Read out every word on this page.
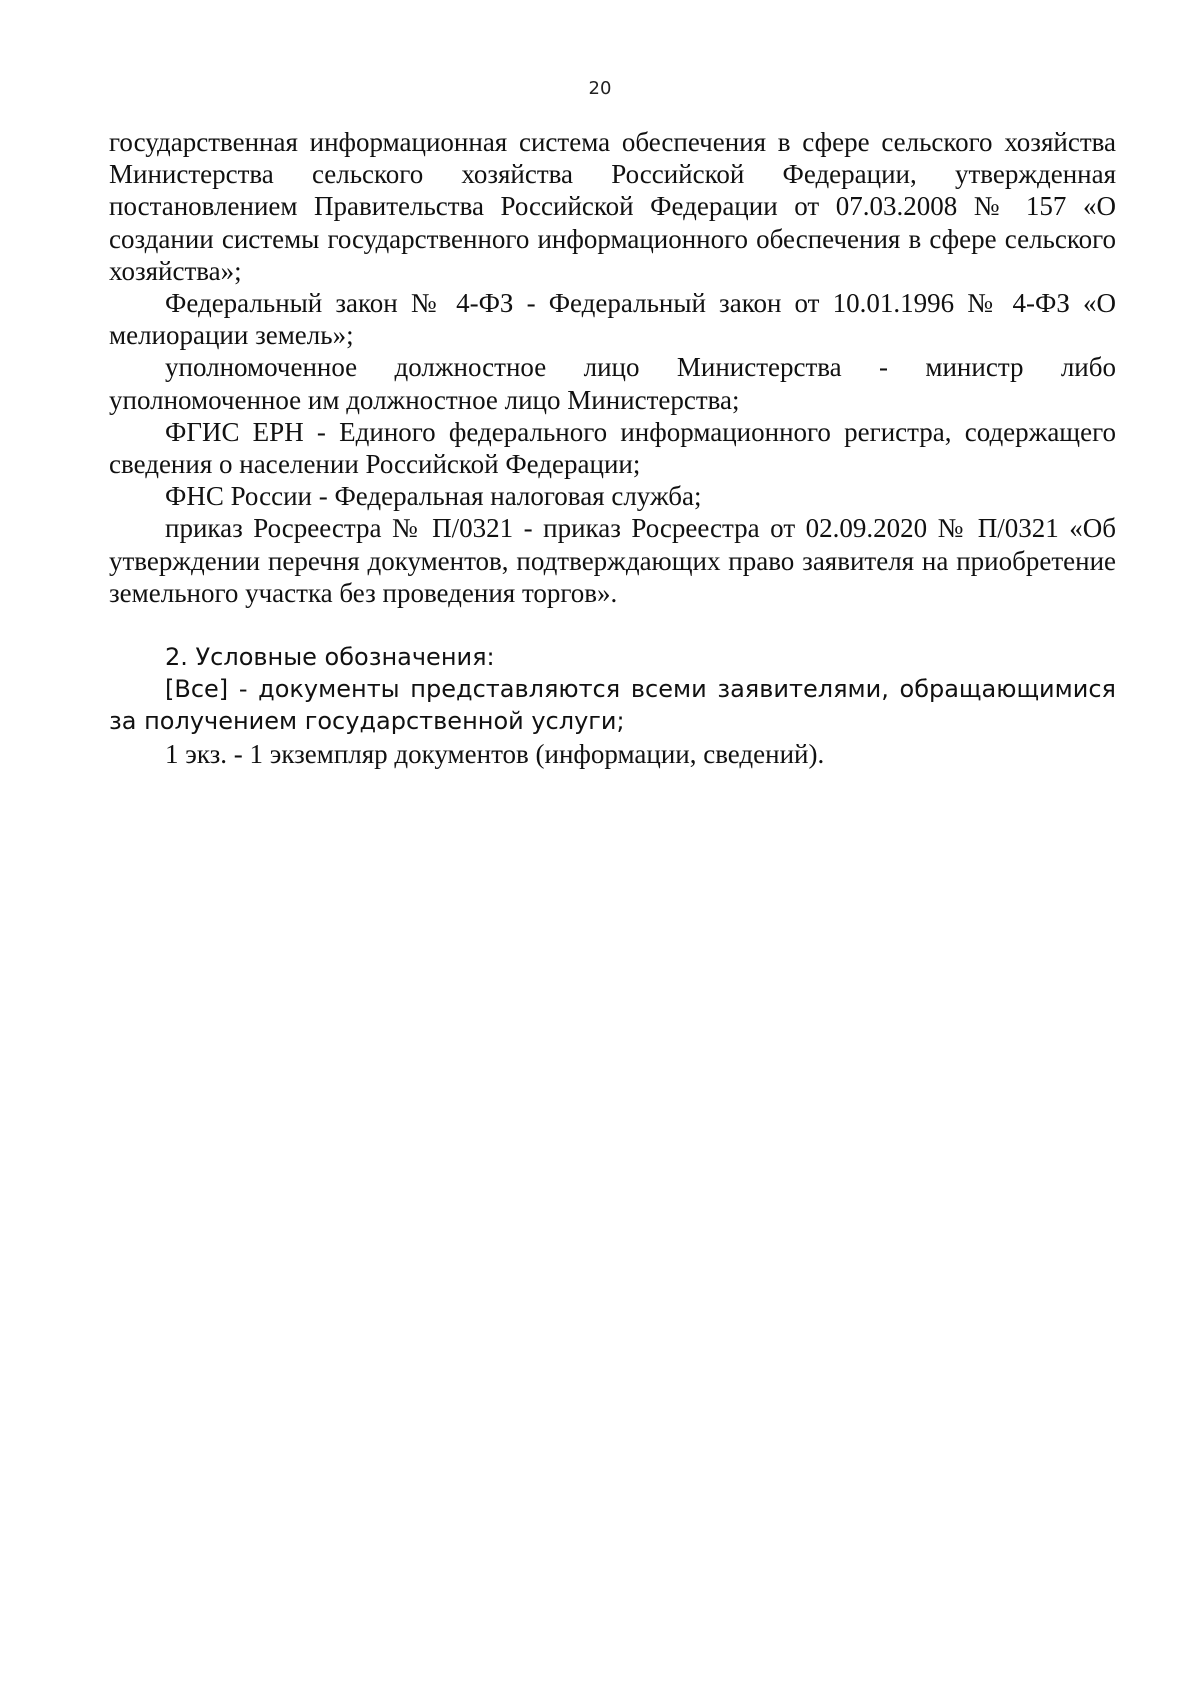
20

государственная информационная система обеспечения в сфере сельского хозяйства Министерства сельского хозяйства Российской Федерации, утвержденная постановлением Правительства Российской Федерации от 07.03.2008 № 157 «О создании системы государственного информационного обеспечения в сфере сельского хозяйства»;

Федеральный закон № 4-ФЗ - Федеральный закон от 10.01.1996 № 4-ФЗ «О мелиорации земель»;

уполномоченное должностное лицо Министерства - министр либо уполномоченное им должностное лицо Министерства;

ФГИС ЕРН - Единого федерального информационного регистра, содержащего сведения о населении Российской Федерации;

ФНС России - Федеральная налоговая служба;

приказ Росреестра № П/0321 - приказ Росреестра от 02.09.2020 № П/0321 «Об утверждении перечня документов, подтверждающих право заявителя на приобретение земельного участка без проведения торгов».

2. Условные обозначения:

[Все] - документы представляются всеми заявителями, обращающимися за получением государственной услуги;

1 экз. - 1 экземпляр документов (информации, сведений).
